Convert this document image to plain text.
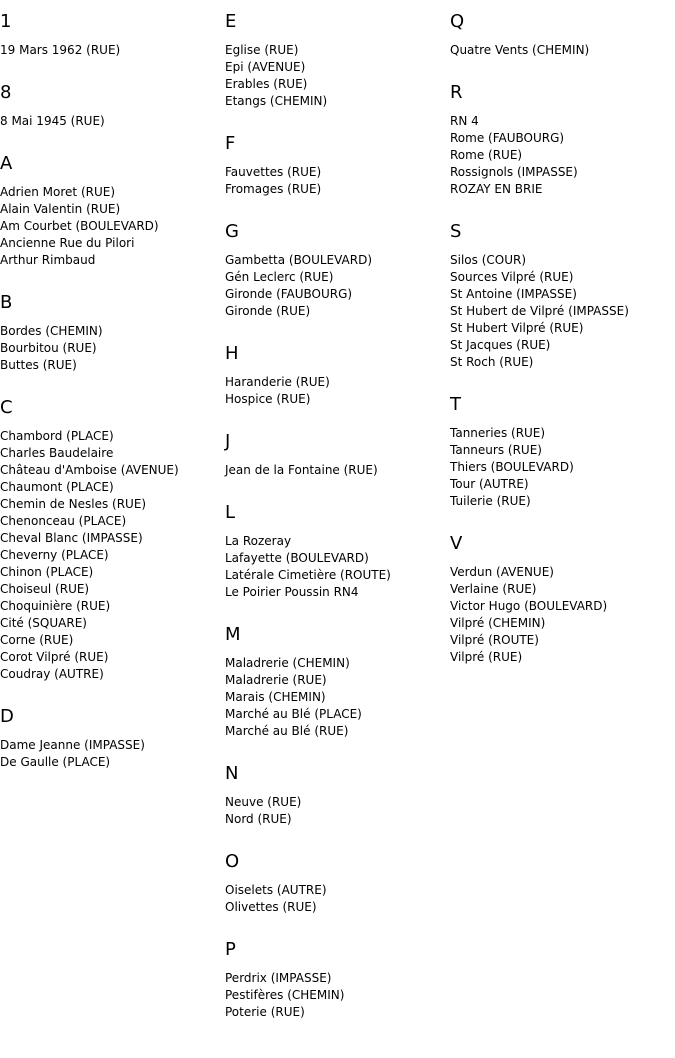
1
19 Mars 1962 (RUE)
8
8 Mai 1945 (RUE)
A
Adrien Moret (RUE)
Alain Valentin (RUE)
Am Courbet (BOULEVARD)
Ancienne Rue du Pilori
Arthur Rimbaud
B
Bordes (CHEMIN)
Bourbitou (RUE)
Buttes (RUE)
C
Chambord (PLACE)
Charles Baudelaire
Château d'Amboise (AVENUE)
Chaumont (PLACE)
Chemin de Nesles (RUE)
Chenonceau (PLACE)
Cheval Blanc (IMPASSE)
Cheverny (PLACE)
Chinon (PLACE)
Choiseul (RUE)
Choquinière (RUE)
Cité (SQUARE)
Corne (RUE)
Corot Vilpré (RUE)
Coudray (AUTRE)
D
Dame Jeanne (IMPASSE)
De Gaulle (PLACE)
E
Eglise (RUE)
Epi (AVENUE)
Erables (RUE)
Etangs (CHEMIN)
F
Fauvettes (RUE)
Fromages (RUE)
G
Gambetta (BOULEVARD)
Gén Leclerc (RUE)
Gironde (FAUBOURG)
Gironde (RUE)
H
Haranderie (RUE)
Hospice (RUE)
J
Jean de la Fontaine (RUE)
L
La Rozeray
Lafayette (BOULEVARD)
Latérale Cimetière (ROUTE)
Le Poirier Poussin RN4
M
Maladrerie (CHEMIN)
Maladrerie (RUE)
Marais (CHEMIN)
Marché au Blé (PLACE)
Marché au Blé (RUE)
N
Neuve (RUE)
Nord (RUE)
O
Oiselets (AUTRE)
Olivettes (RUE)
P
Perdrix (IMPASSE)
Pestifères (CHEMIN)
Poterie (RUE)
Q
Quatre Vents (CHEMIN)
R
RN 4
Rome (FAUBOURG)
Rome (RUE)
Rossignols (IMPASSE)
ROZAY EN BRIE
S
Silos (COUR)
Sources Vilpré (RUE)
St Antoine (IMPASSE)
St Hubert de Vilpré (IMPASSE)
St Hubert Vilpré (RUE)
St Jacques (RUE)
St Roch (RUE)
T
Tanneries (RUE)
Tanneurs (RUE)
Thiers (BOULEVARD)
Tour (AUTRE)
Tuilerie (RUE)
V
Verdun (AVENUE)
Verlaine (RUE)
Victor Hugo (BOULEVARD)
Vilpré (CHEMIN)
Vilpré (ROUTE)
Vilpré (RUE)
